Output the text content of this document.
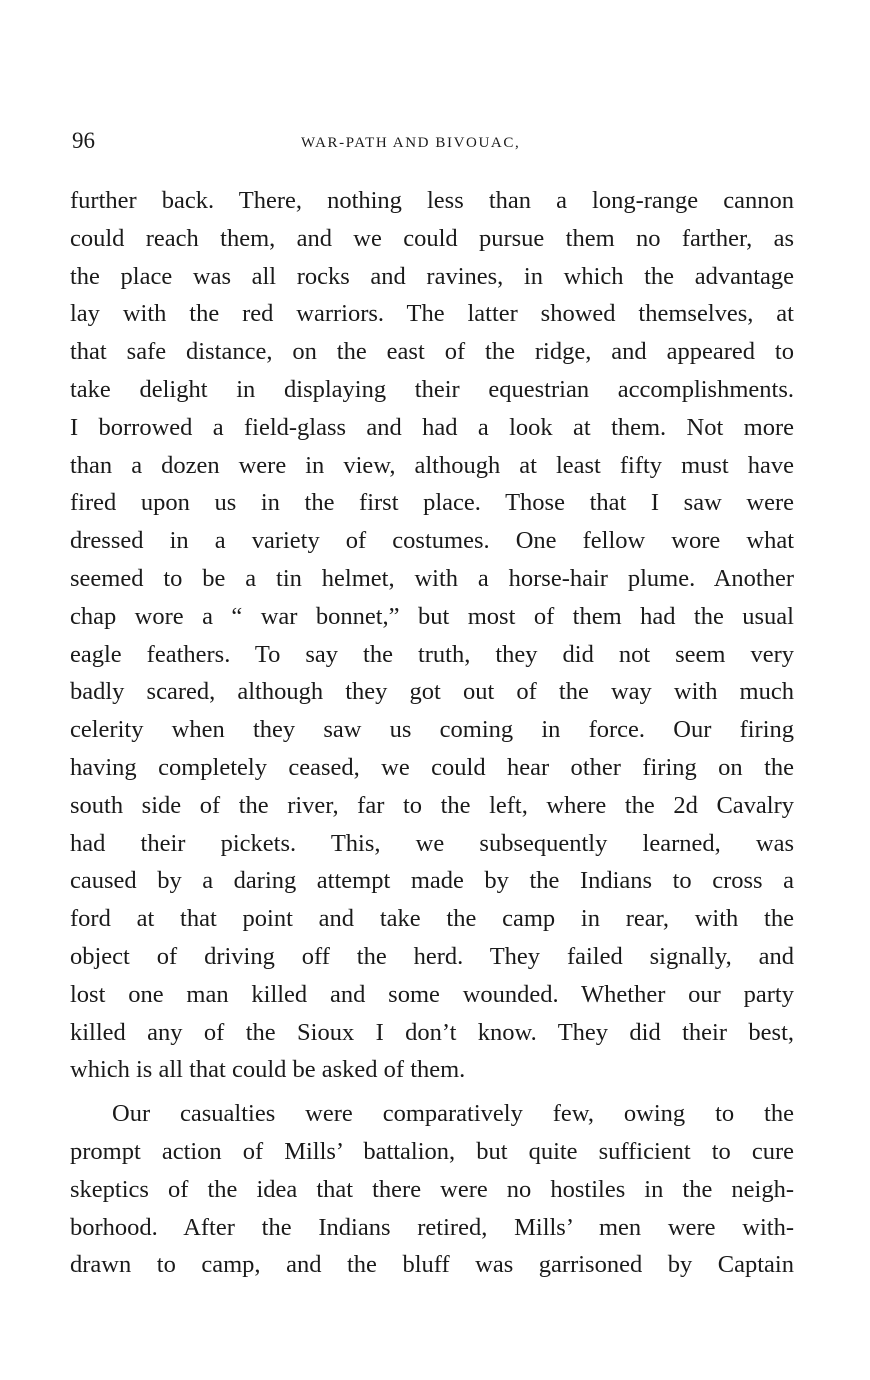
96	WAR-PATH AND BIVOUAC,
further back. There, nothing less than a long-range cannon
could reach them, and we could pursue them no farther, as
the place was all rocks and ravines, in which the advantage
lay with the red warriors. The latter showed themselves, at
that safe distance, on the east of the ridge, and appeared to
take delight in displaying their equestrian accomplishments.
I borrowed a field-glass and had a look at them. Not more
than a dozen were in view, although at least fifty must have
fired upon us in the first place. Those that I saw were
dressed in a variety of costumes. One fellow wore what
seemed to be a tin helmet, with a horse-hair plume. Another
chap wore a “ war bonnet,” but most of them had the usual
eagle feathers. To say the truth, they did not seem very
badly scared, although they got out of the way with much
celerity when they saw us coming in force. Our firing
having completely ceased, we could hear other firing on the
south side of the river, far to the left, where the 2d Cavalry
had their pickets. This, we subsequently learned, was
caused by a daring attempt made by the Indians to cross a
ford at that point and take the camp in rear, with the
object of driving off the herd. They failed signally, and
lost one man killed and some wounded. Whether our party
killed any of the Sioux I don’t know. They did their best,
which is all that could be asked of them.
Our casualties were comparatively few, owing to the
prompt action of Mills’ battalion, but quite sufficient to cure
skeptics of the idea that there were no hostiles in the neigh-
borhood. After the Indians retired, Mills’ men were with-
drawn to camp, and the bluff was garrisoned by Captain
